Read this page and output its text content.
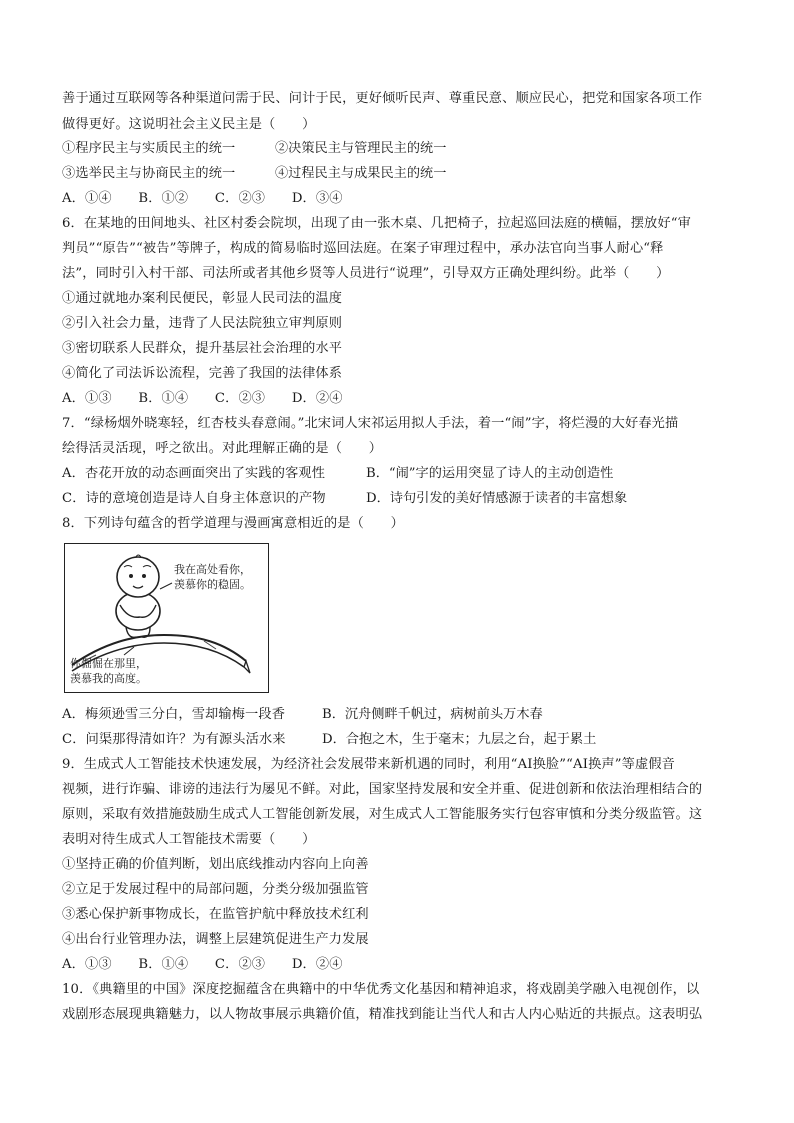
善于通过互联网等各种渠道问需于民、问计于民，更好倾听民声、尊重民意、顺应民心，把党和国家各项工作
做得更好。这说明社会主义民主是（　　）
①程序民主与实质民主的统一	②决策民主与管理民主的统一
③选举民主与协商民主的统一	④过程民主与成果民主的统一
A．①④　　B．①②　　C．②③　　D．③④
6．在某地的田间地头、社区村委会院坝，出现了由一张木桌、几把椅子，拉起巡回法庭的横幅，摆放好“审
判员”“原告”“被告”等牌子，构成的简易临时巡回法庭。在案子审理过程中，承办法官向当事人耐心“释
法”，同时引入村干部、司法所或者其他乡贤等人员进行“说理”，引导双方正确处理纠纷。此举（　　）
①通过就地办案利民便民，彰显人民司法的温度
②引入社会力量，违背了人民法院独立审判原则
③密切联系人民群众，提升基层社会治理的水平
④简化了司法诉讼流程，完善了我国的法律体系
A．①③　　B．①④　　C．②③　　D．②④
7．“绿杨烟外晓寒轻，红杏枝头春意闹。”北宋词人宋祁运用拟人手法，着一“闹”字，将烂漫的大好春光描
绘得活灵活现，呼之欲出。对此理解正确的是（　　）
A．杏花开放的动态画面突出了实践的客观性	B．“闹”字的运用突显了诗人的主动创造性
C．诗的意境创造是诗人自身主体意识的产物	D．诗句引发的美好情感源于读者的丰富想象
8．下列诗句蕴含的哲学道理与漫画寓意相近的是（　　）
我在高处看你，
羡慕你的稳固。
你倔倔在那里，
羡慕我的高度。
A．梅须逊雪三分白，雪却输梅一段香	B．沉舟侧畔千帆过，病树前头万木春
C．问渠那得清如许？为有源头活水来	D．合抱之木，生于毫末；九层之台，起于累土
9．生成式人工智能技术快速发展，为经济社会发展带来新机遇的同时，利用“AI换脸”“AI换声”等虚假音
视频，进行诈骗、诽谤的违法行为屡见不鲜。对此，国家坚持发展和安全并重、促进创新和依法治理相结合的
原则，采取有效措施鼓励生成式人工智能创新发展，对生成式人工智能服务实行包容审慎和分类分级监管。这
表明对待生成式人工智能技术需要（　　）
①坚持正确的价值判断，划出底线推动内容向上向善
②立足于发展过程中的局部问题，分类分级加强监管
③悉心保护新事物成长，在监管护航中释放技术红利
④出台行业管理办法，调整上层建筑促进生产力发展
A．①③　　B．①④　　C．②③　　D．②④
10．《典籍里的中国》深度挖掘蕴含在典籍中的中华优秀文化基因和精神追求，将戏剧美学融入电视创作，以
戏剧形态展现典籍魅力，以人物故事展示典籍价值，精准找到能让当代人和古人内心贴近的共振点。这表明弘
